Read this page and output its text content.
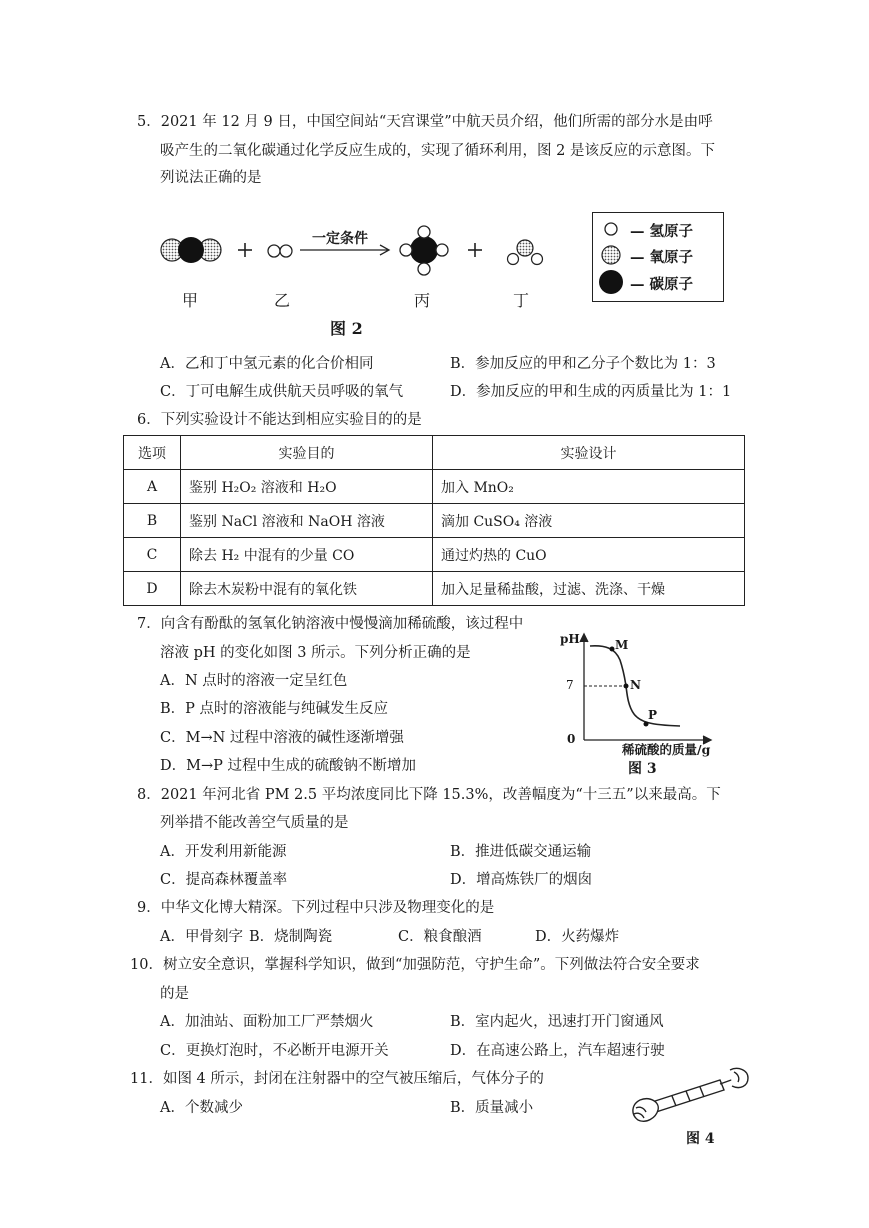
5．2021 年 12 月 9 日，中国空间站“天宫课堂”中航天员介绍，他们所需的部分水是由呼
吸产生的二氧化碳通过化学反应生成的，实现了循环利用，图 2 是该反应的示意图。下
列说法正确的是
一定条件
甲	乙	丙	丁
图 2
— 氢原子
— 氧原子
— 碳原子
A．乙和丁中氢元素的化合价相同	B．参加反应的甲和乙分子个数比为 1：3
C．丁可电解生成供航天员呼吸的氧气	D．参加反应的甲和生成的丙质量比为 1：1
6．下列实验设计不能达到相应实验目的的是
选项	实验目的	实验设计
A	鉴别 H₂O₂ 溶液和 H₂O	加入 MnO₂
B	鉴别 NaCl 溶液和 NaOH 溶液	滴加 CuSO₄ 溶液
C	除去 H₂ 中混有的少量 CO	通过灼热的 CuO
D	除去木炭粉中混有的氧化铁	加入足量稀盐酸，过滤、洗涤、干燥
7．向含有酚酞的氢氧化钠溶液中慢慢滴加稀硫酸，该过程中
溶液 pH 的变化如图 3 所示。下列分析正确的是
A．N 点时的溶液一定呈红色
B．P 点时的溶液能与纯碱发生反应
C．M→N 过程中溶液的碱性逐渐增强
D．M→P 过程中生成的硫酸钠不断增加
pH
7
0
M
N
P
稀硫酸的质量/g
图 3
8．2021 年河北省 PM 2.5 平均浓度同比下降 15.3%，改善幅度为“十三五”以来最高。下
列举措不能改善空气质量的是
A．开发利用新能源	B．推进低碳交通运输
C．提高森林覆盖率	D．增高炼铁厂的烟囱
9．中华文化博大精深。下列过程中只涉及物理变化的是
A．甲骨刻字 B．烧制陶瓷	C．粮食酿酒	D．火药爆炸
10．树立安全意识，掌握科学知识，做到“加强防范，守护生命”。下列做法符合安全要求
的是
A．加油站、面粉加工厂严禁烟火	B．室内起火，迅速打开门窗通风
C．更换灯泡时，不必断开电源开关	D．在高速公路上，汽车超速行驶
11．如图 4 所示，封闭在注射器中的空气被压缩后，气体分子的
A．个数减少	B．质量减小
图 4
